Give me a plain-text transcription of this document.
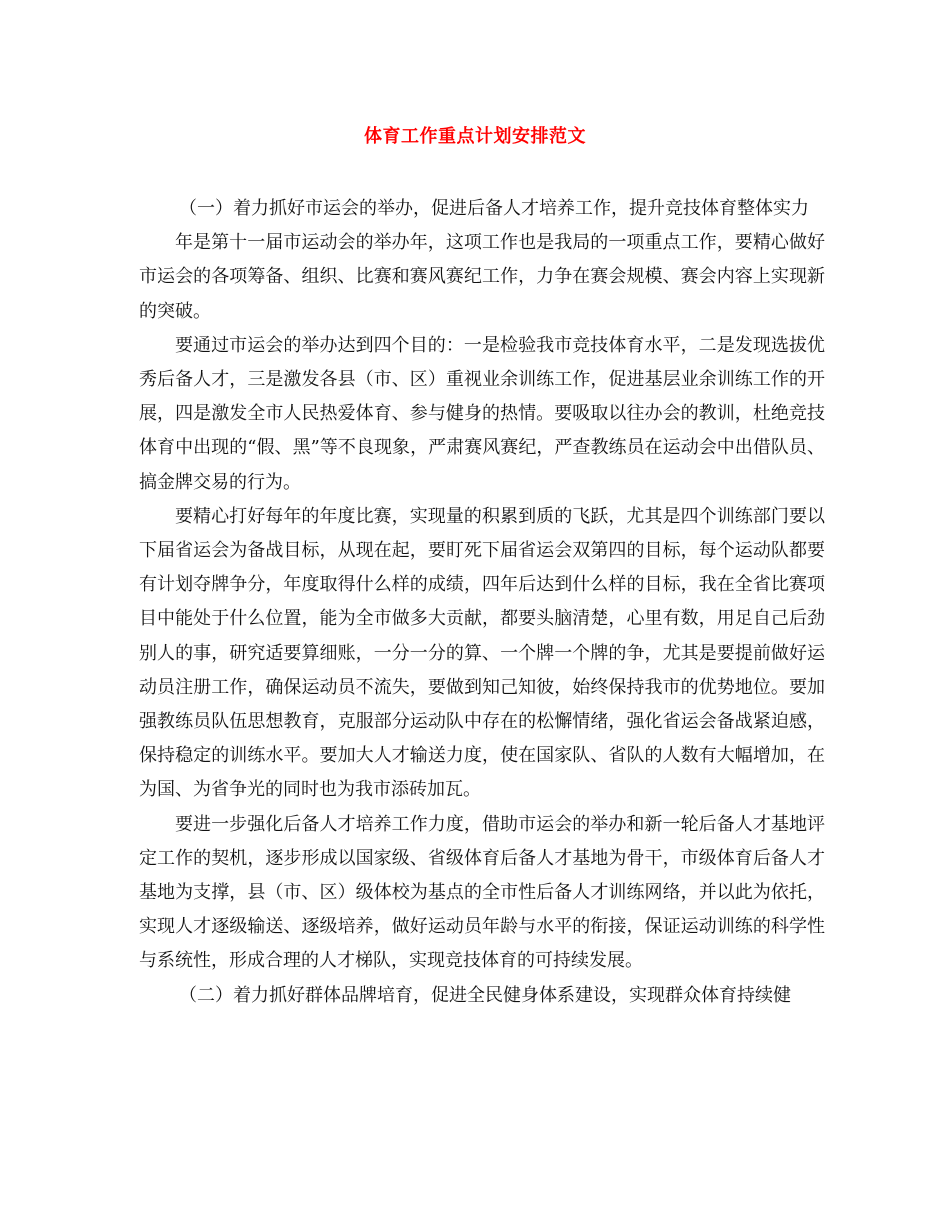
体育工作重点计划安排范文

（一）着力抓好市运会的举办，促进后备人才培养工作，提升竞技体育整体实力

年是第十一届市运动会的举办年，这项工作也是我局的一项重点工作，要精心做好市运会的各项筹备、组织、比赛和赛风赛纪工作，力争在赛会规模、赛会内容上实现新的突破。

要通过市运会的举办达到四个目的：一是检验我市竞技体育水平，二是发现选拔优秀后备人才，三是激发各县（市、区）重视业余训练工作，促进基层业余训练工作的开展，四是激发全市人民热爱体育、参与健身的热情。要吸取以往办会的教训，杜绝竞技体育中出现的“假、黑”等不良现象，严肃赛风赛纪，严查教练员在运动会中出借队员、搞金牌交易的行为。

要精心打好每年的年度比赛，实现量的积累到质的飞跃，尤其是四个训练部门要以下届省运会为备战目标，从现在起，要盯死下届省运会双第四的目标，每个运动队都要有计划夺牌争分，年度取得什么样的成绩，四年后达到什么样的目标，我在全省比赛项目中能处于什么位置，能为全市做多大贡献，都要头脑清楚，心里有数，用足自己后劲别人的事，研究适要算细账，一分一分的算、一个牌一个牌的争，尤其是要提前做好运动员注册工作，确保运动员不流失，要做到知己知彼，始终保持我市的优势地位。要加强教练员队伍思想教育，克服部分运动队中存在的松懈情绪，强化省运会备战紧迫感，保持稳定的训练水平。要加大人才输送力度，使在国家队、省队的人数有大幅增加，在为国、为省争光的同时也为我市添砖加瓦。

要进一步强化后备人才培养工作力度，借助市运会的举办和新一轮后备人才基地评定工作的契机，逐步形成以国家级、省级体育后备人才基地为骨干，市级体育后备人才基地为支撑，县（市、区）级体校为基点的全市性后备人才训练网络，并以此为依托，实现人才逐级输送、逐级培养，做好运动员年龄与水平的衔接，保证运动训练的科学性与系统性，形成合理的人才梯队，实现竞技体育的可持续发展。

（二）着力抓好群体品牌培育，促进全民健身体系建设，实现群众体育持续健
